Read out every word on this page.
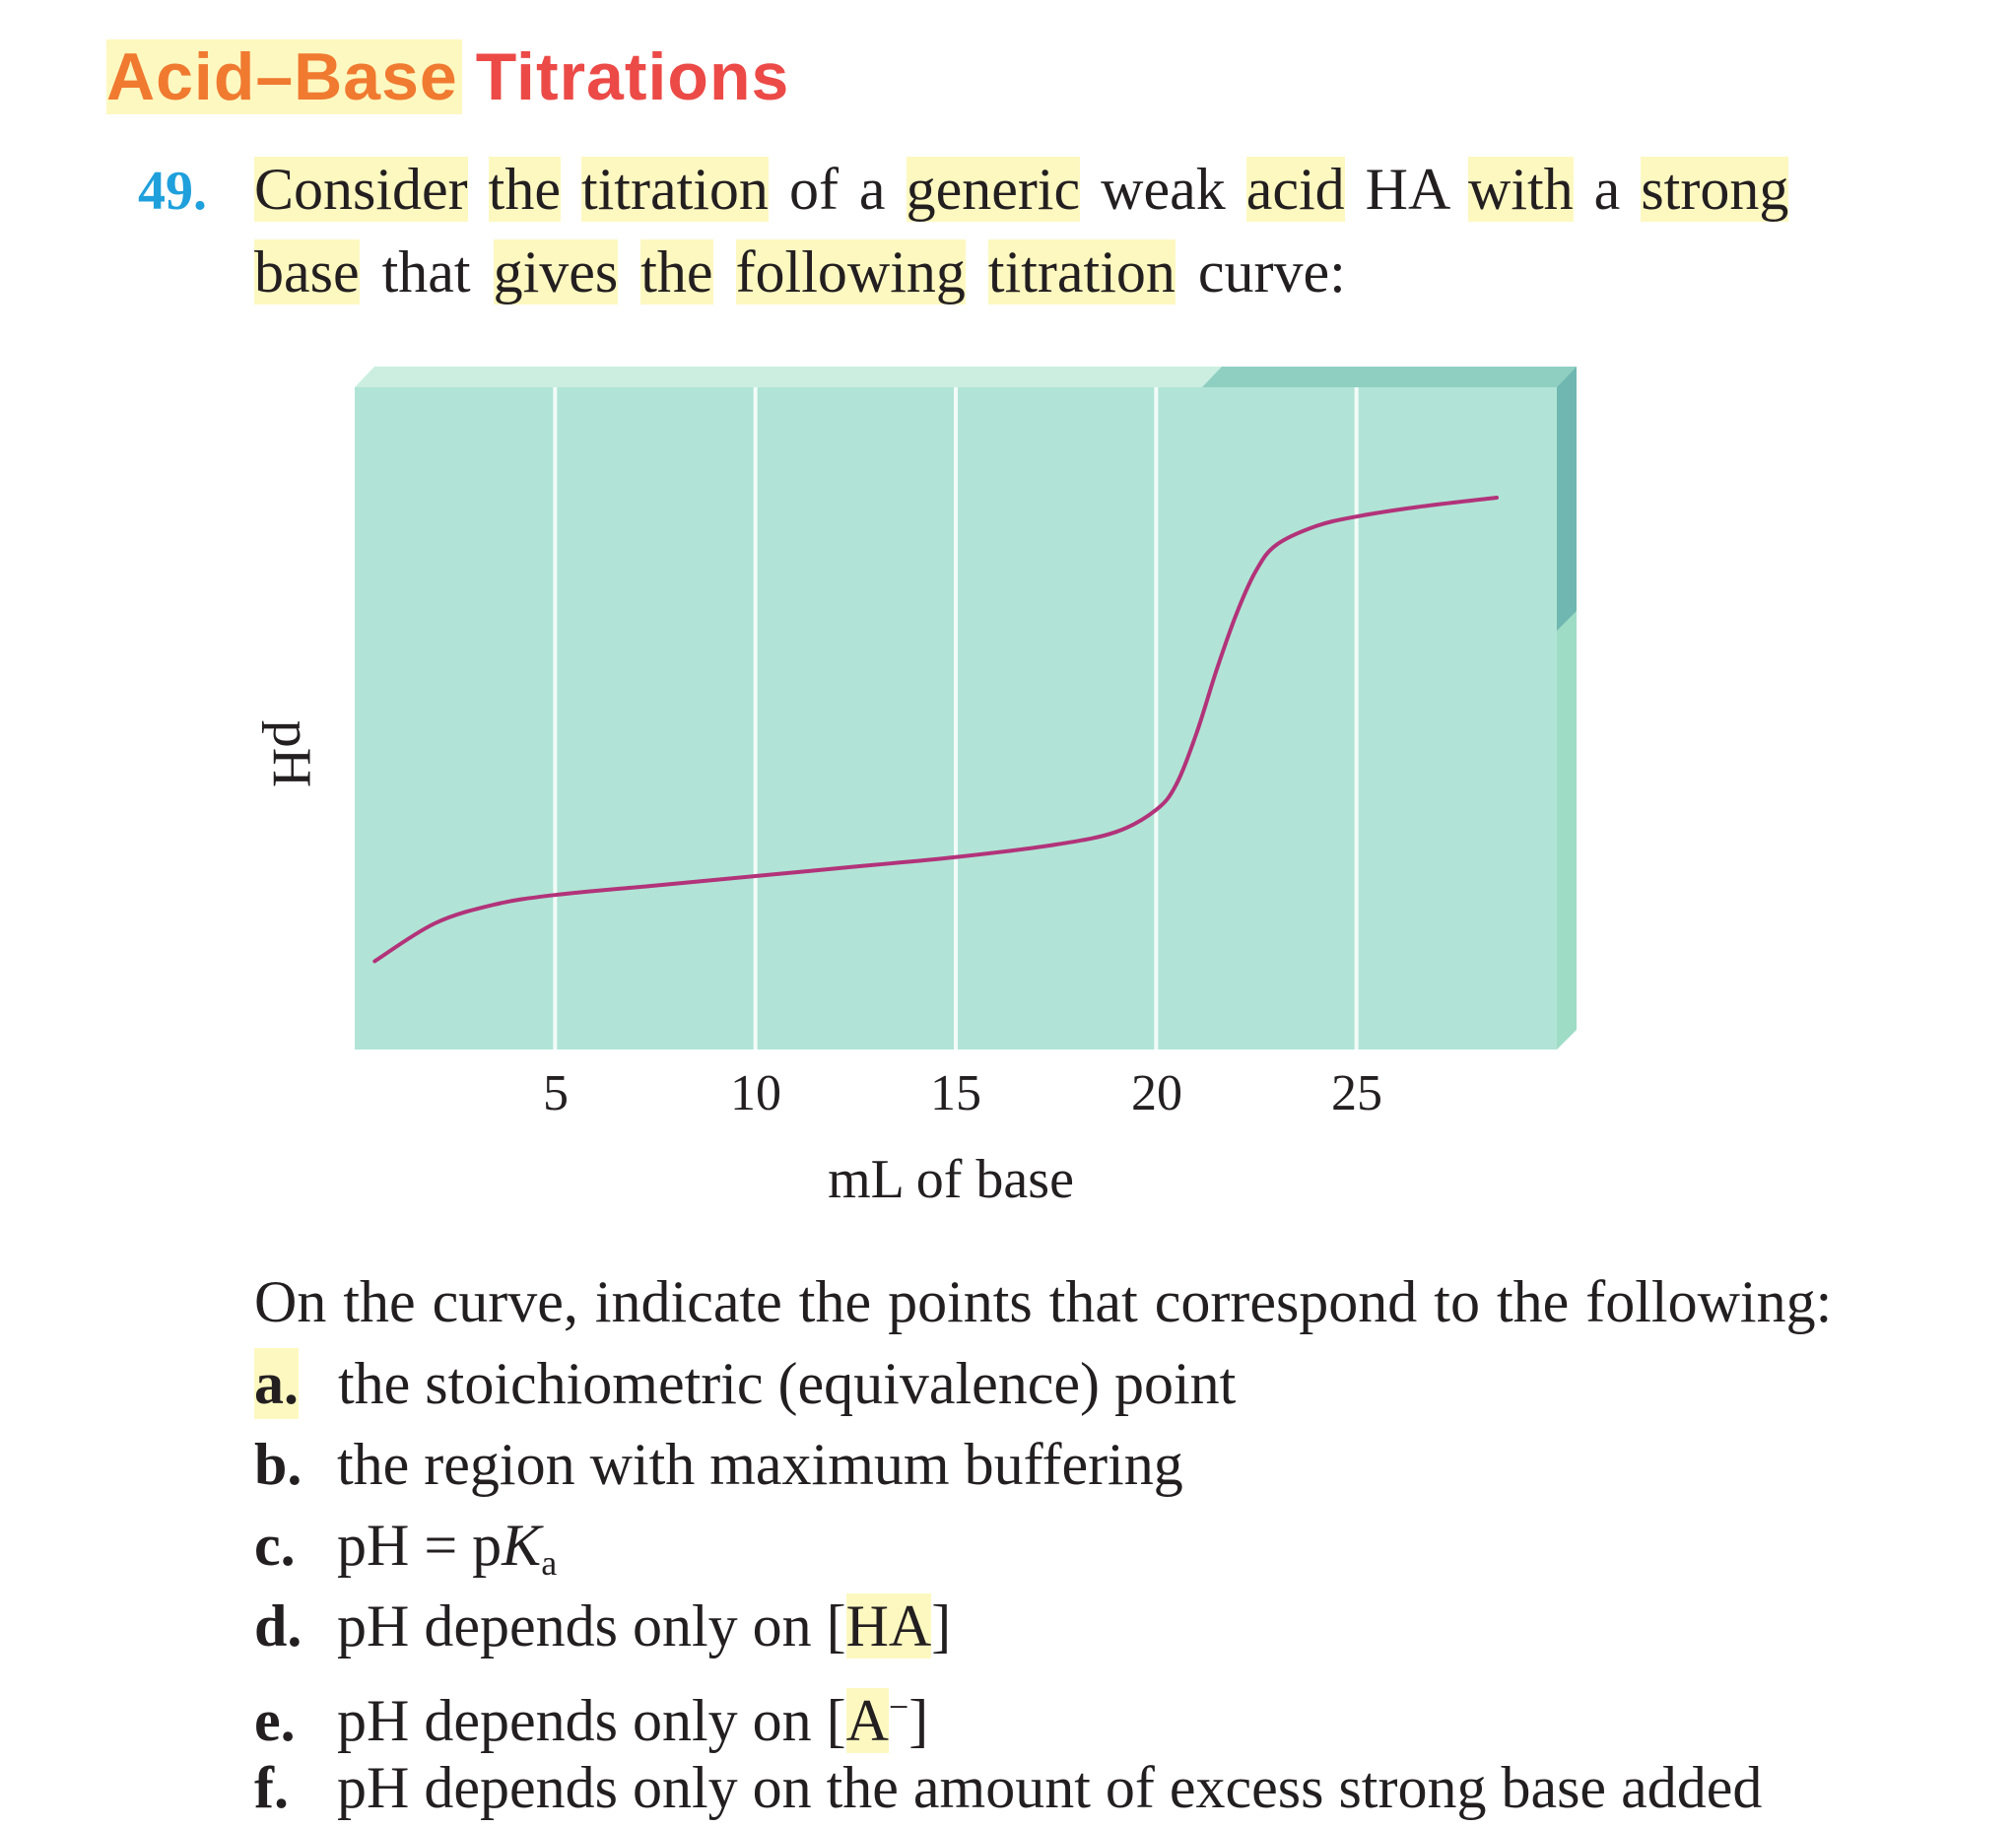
Acid–Base Titrations
49. Consider the titration of a generic weak acid HA with a strong
base that gives the following titration curve:
pH
5	10	15	20	25
mL of base
On the curve, indicate the points that correspond to the following:
a. the stoichiometric (equivalence) point
b. the region with maximum buffering
c. pH = $pK_a$
d. pH depends only on [HA]
e. pH depends only on [A−]
f. pH depends only on the amount of excess strong base added
